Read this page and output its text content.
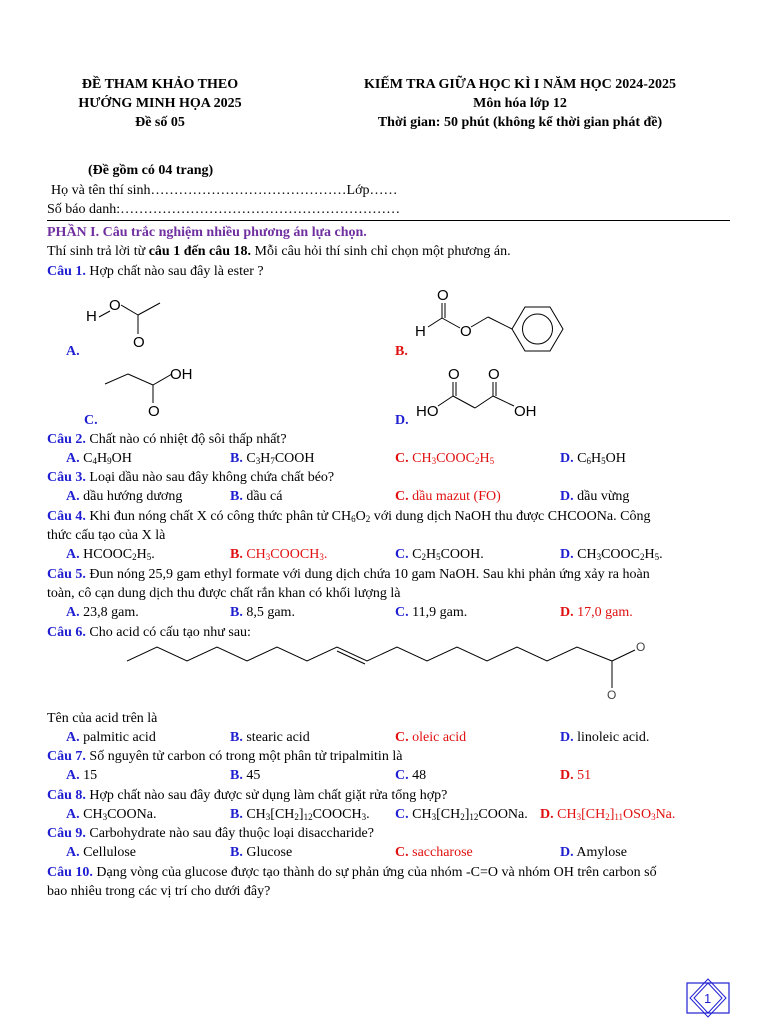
ĐỀ THAM KHẢO THEO
HƯỚNG MINH HỌA 2025
Đề số 05
KIẾM TRA GIỮA HỌC KÌ I NĂM HỌC 2024-2025
Môn hóa lớp 12
Thời gian: 50 phút (không kể thời gian phát đề)
(Đề gồm có 04 trang)
Họ và tên thí sinh……………………………………Lớp……
Số báo danh:……………………………………………………
PHẦN I. Câu trắc nghiệm nhiều phương án lựa chọn.
Thí sinh trả lời từ câu 1 đến câu 18. Mỗi câu hỏi thí sinh chỉ chọn một phương án.
Câu 1. Hợp chất nào sau đây là ester ?
H
O
O
A.
O
H O
B.
OH
O
C.
O O
HO	OH
D.
Câu 2. Chất nào có nhiệt độ sôi thấp nhất?
A. $C_4H_9OH$	B. $C_3H_7COOH$	C. $CH_3COOC_2H_5$	D. $C_6H_5OH$
Câu 3. Loại dầu nào sau đây không chứa chất béo?
A. dầu hướng dương	B. dầu cá	C. dầu mazut (FO)	D. dầu vừng
Câu 4. Khi đun nóng chất X có công thức phân tử $CH_6O_2$ với dung dịch NaOH thu được CHCOONa. Công
thức cấu tạo của X là
A. $HCOOC_2H_5$.	B. $CH_3COOCH_3$.	C. $C_2H_5COOH$.	D. $CH_3COOC_2H_5$.
Câu 5. Đun nóng 25,9 gam ethyl formate với dung dịch chứa 10 gam NaOH. Sau khi phản ứng xảy ra hoàn
toàn, cô cạn dung dịch thu được chất rắn khan có khối lượng là
A. 23,8 gam.	B. 8,5 gam.	C. 11,9 gam.	D. 17,0 gam.
Câu 6. Cho acid có cấu tạo như sau:
O
O
Tên của acid trên là
A. palmitic acid	B. stearic acid	C. oleic acid	D. linoleic acid.
Câu 7. Số nguyên tử carbon có trong một phân tử tripalmitin là
A. 15	B. 45	C. 48	D. 51
Câu 8. Hợp chất nào sau đây được sử dụng làm chất giặt rửa tổng hợp?
A. $CH_3COONa$.	B. $CH_3[CH_2]_{12}COOCH_3$. C. $CH_3[CH_2]_{12}COONa$. D. $CH_3[CH_2]_{11}OSO_3Na$.
Câu 9. Carbohydrate nào sau đây thuộc loại disaccharide?
A. Cellulose	B. Glucose	C. saccharose	D. Amylose
Câu 10. Dạng vòng của glucose được tạo thành do sự phản ứng của nhóm -C=O và nhóm OH trên carbon số
bao nhiêu trong các vị trí cho dưới đây?
1
